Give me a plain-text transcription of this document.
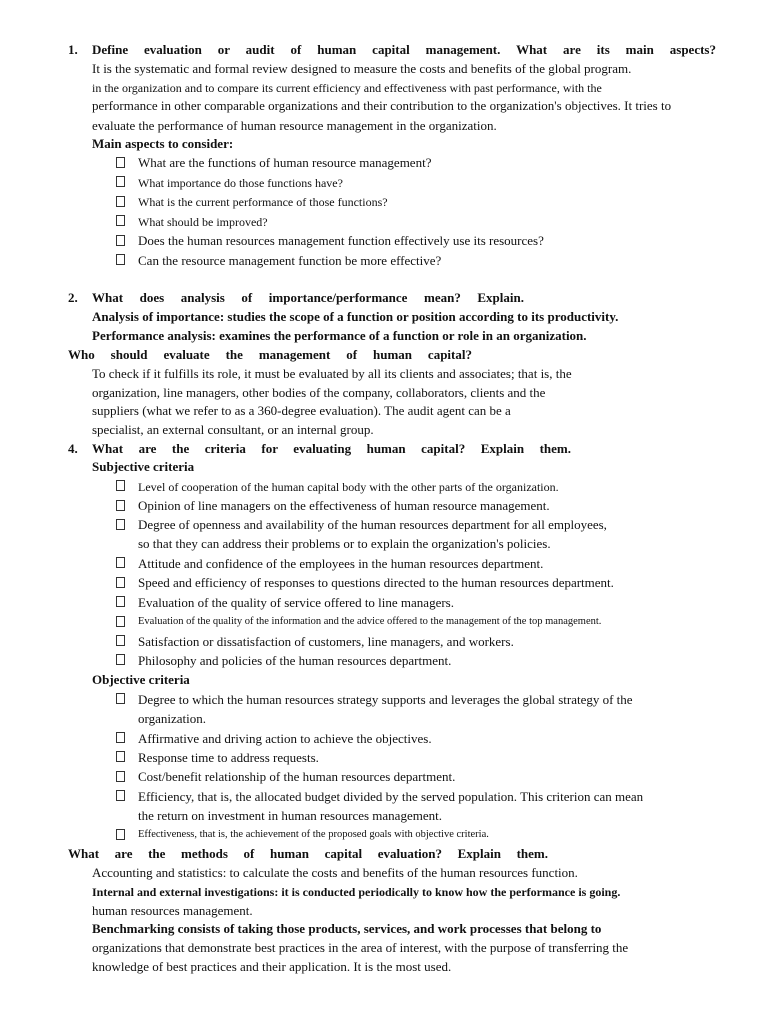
1. Define evaluation or audit of human capital management. What are its main aspects?
It is the systematic and formal review designed to measure the costs and benefits of the global program.
in the organization and to compare its current efficiency and effectiveness with past performance, with the
performance in other comparable organizations and their contribution to the organization's objectives. It tries to
evaluate the performance of human resource management in the organization.
Main aspects to consider:
What are the functions of human resource management?
What importance do those functions have?
What is the current performance of those functions?
What should be improved?
Does the human resources management function effectively use its resources?
Can the resource management function be more effective?
2. What does analysis of importance/performance mean? Explain.
Analysis of importance: studies the scope of a function or position according to its productivity.
Performance analysis: examines the performance of a function or role in an organization.
Who should evaluate the management of human capital?
To check if it fulfills its role, it must be evaluated by all its clients and associates; that is, the
organization, line managers, other bodies of the company, collaborators, clients and the
suppliers (what we refer to as a 360-degree evaluation). The audit agent can be a
specialist, an external consultant, or an internal group.
4. What are the criteria for evaluating human capital? Explain them.
Subjective criteria
Level of cooperation of the human capital body with the other parts of the organization.
Opinion of line managers on the effectiveness of human resource management.
Degree of openness and availability of the human resources department for all employees,
so that they can address their problems or to explain the organization's policies.
Attitude and confidence of the employees in the human resources department.
Speed and efficiency of responses to questions directed to the human resources department.
Evaluation of the quality of service offered to line managers.
Evaluation of the quality of the information and the advice offered to the management of the top management.
Satisfaction or dissatisfaction of customers, line managers, and workers.
Philosophy and policies of the human resources department.
Objective criteria
Degree to which the human resources strategy supports and leverages the global strategy of the
organization.
Affirmative and driving action to achieve the objectives.
Response time to address requests.
Cost/benefit relationship of the human resources department.
Efficiency, that is, the allocated budget divided by the served population. This criterion can mean
the return on investment in human resources management.
Effectiveness, that is, the achievement of the proposed goals with objective criteria.
What are the methods of human capital evaluation? Explain them.
Accounting and statistics: to calculate the costs and benefits of the human resources function.
Internal and external investigations: it is conducted periodically to know how the performance is going.
human resources management.
Benchmarking consists of taking those products, services, and work processes that belong to
organizations that demonstrate best practices in the area of interest, with the purpose of transferring the
knowledge of best practices and their application. It is the most used.
